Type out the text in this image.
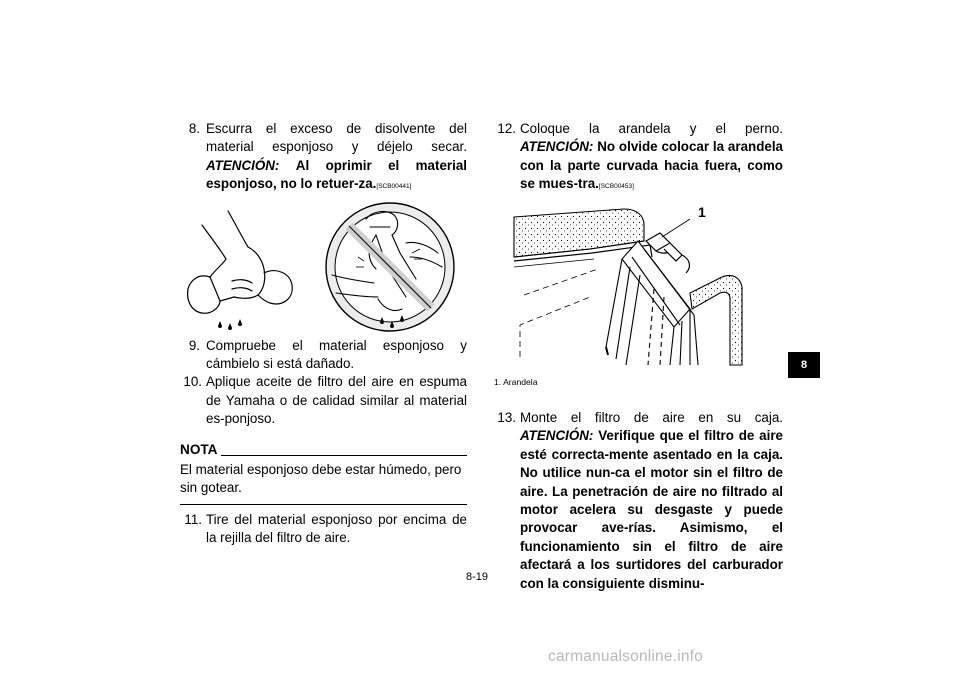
8. Escurra el exceso de disolvente del material esponjoso y déjelo secar. ATENCIÓN: Al oprimir el material esponjoso, no lo retuer-za.[SCB00441]

9. Compruebe el material esponjoso y cámbielo si está dañado.

10. Aplique aceite de filtro del aire en espuma de Yamaha o de calidad similar al material es-ponjoso.

NOTA

El material esponjoso debe estar húmedo, pero sin gotear.

11. Tire del material esponjoso por encima de la rejilla del filtro de aire.

12. Coloque la arandela y el perno. ATENCIÓN: No olvide colocar la arandela con la parte curvada hacia fuera, como se mues-tra.[SCB00453]

1

1. Arandela

13. Monte el filtro de aire en su caja. ATENCIÓN: Verifique que el filtro de aire esté correcta-mente asentado en la caja. No utilice nun-ca el motor sin el filtro de aire. La penetración de aire no filtrado al motor acelera su desgaste y puede provocar ave-rías. Asimismo, el funcionamiento sin el filtro de aire afectará a los surtidores del carburador con la consiguiente disminu-

8-19
8
carmanualsonline.info
